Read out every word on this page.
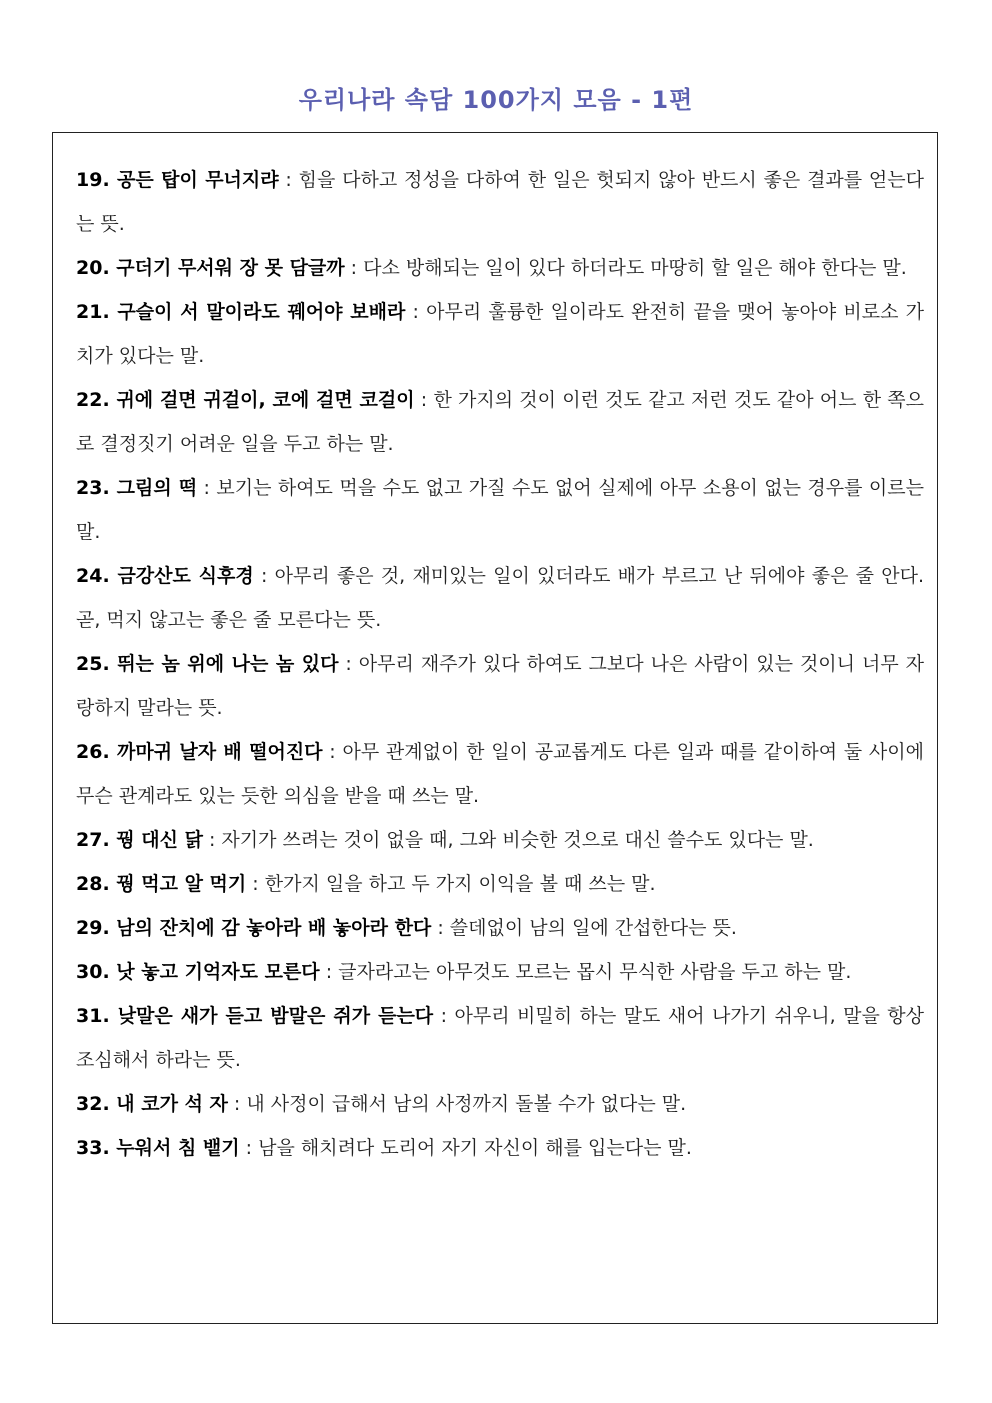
우리나라 속담 100가지 모음 - 1편

19. 공든 탑이 무너지랴 : 힘을 다하고 정성을 다하여 한 일은 헛되지 않아 반드시 좋은 결과를 얻는다는 뜻.

20. 구더기 무서워 장 못 담글까 : 다소 방해되는 일이 있다 하더라도 마땅히 할 일은 해야 한다는 말.

21. 구슬이 서 말이라도 꿰어야 보배라 : 아무리 훌륭한 일이라도 완전히 끝을 맺어 놓아야 비로소 가치가 있다는 말.

22. 귀에 걸면 귀걸이, 코에 걸면 코걸이 : 한 가지의 것이 이런 것도 같고 저런 것도 같아 어느 한 쪽으로 결정짓기 어려운 일을 두고 하는 말.

23. 그림의 떡 : 보기는 하여도 먹을 수도 없고 가질 수도 없어 실제에 아무 소용이 없는 경우를 이르는 말.

24. 금강산도 식후경 : 아무리 좋은 것, 재미있는 일이 있더라도 배가 부르고 난 뒤에야 좋은 줄 안다. 곧, 먹지 않고는 좋은 줄 모른다는 뜻.

25. 뛰는 놈 위에 나는 놈 있다 : 아무리 재주가 있다 하여도 그보다 나은 사람이 있는 것이니 너무 자랑하지 말라는 뜻.

26. 까마귀 날자 배 떨어진다 : 아무 관계없이 한 일이 공교롭게도 다른 일과 때를 같이하여 둘 사이에 무슨 관계라도 있는 듯한 의심을 받을 때 쓰는 말.

27. 꿩 대신 닭 : 자기가 쓰려는 것이 없을 때, 그와 비슷한 것으로 대신 쓸수도 있다는 말.

28. 꿩 먹고 알 먹기 : 한가지 일을 하고 두 가지 이익을 볼 때 쓰는 말.

29. 남의 잔치에 감 놓아라 배 놓아라 한다 : 쓸데없이 남의 일에 간섭한다는 뜻.

30. 낫 놓고 기억자도 모른다 : 글자라고는 아무것도 모르는 몹시 무식한 사람을 두고 하는 말.

31. 낮말은 새가 듣고 밤말은 쥐가 듣는다 : 아무리 비밀히 하는 말도 새어 나가기 쉬우니, 말을 항상 조심해서 하라는 뜻.

32. 내 코가 석 자 : 내 사정이 급해서 남의 사정까지 돌볼 수가 없다는 말.

33. 누워서 침 뱉기 : 남을 해치려다 도리어 자기 자신이 해를 입는다는 말.
